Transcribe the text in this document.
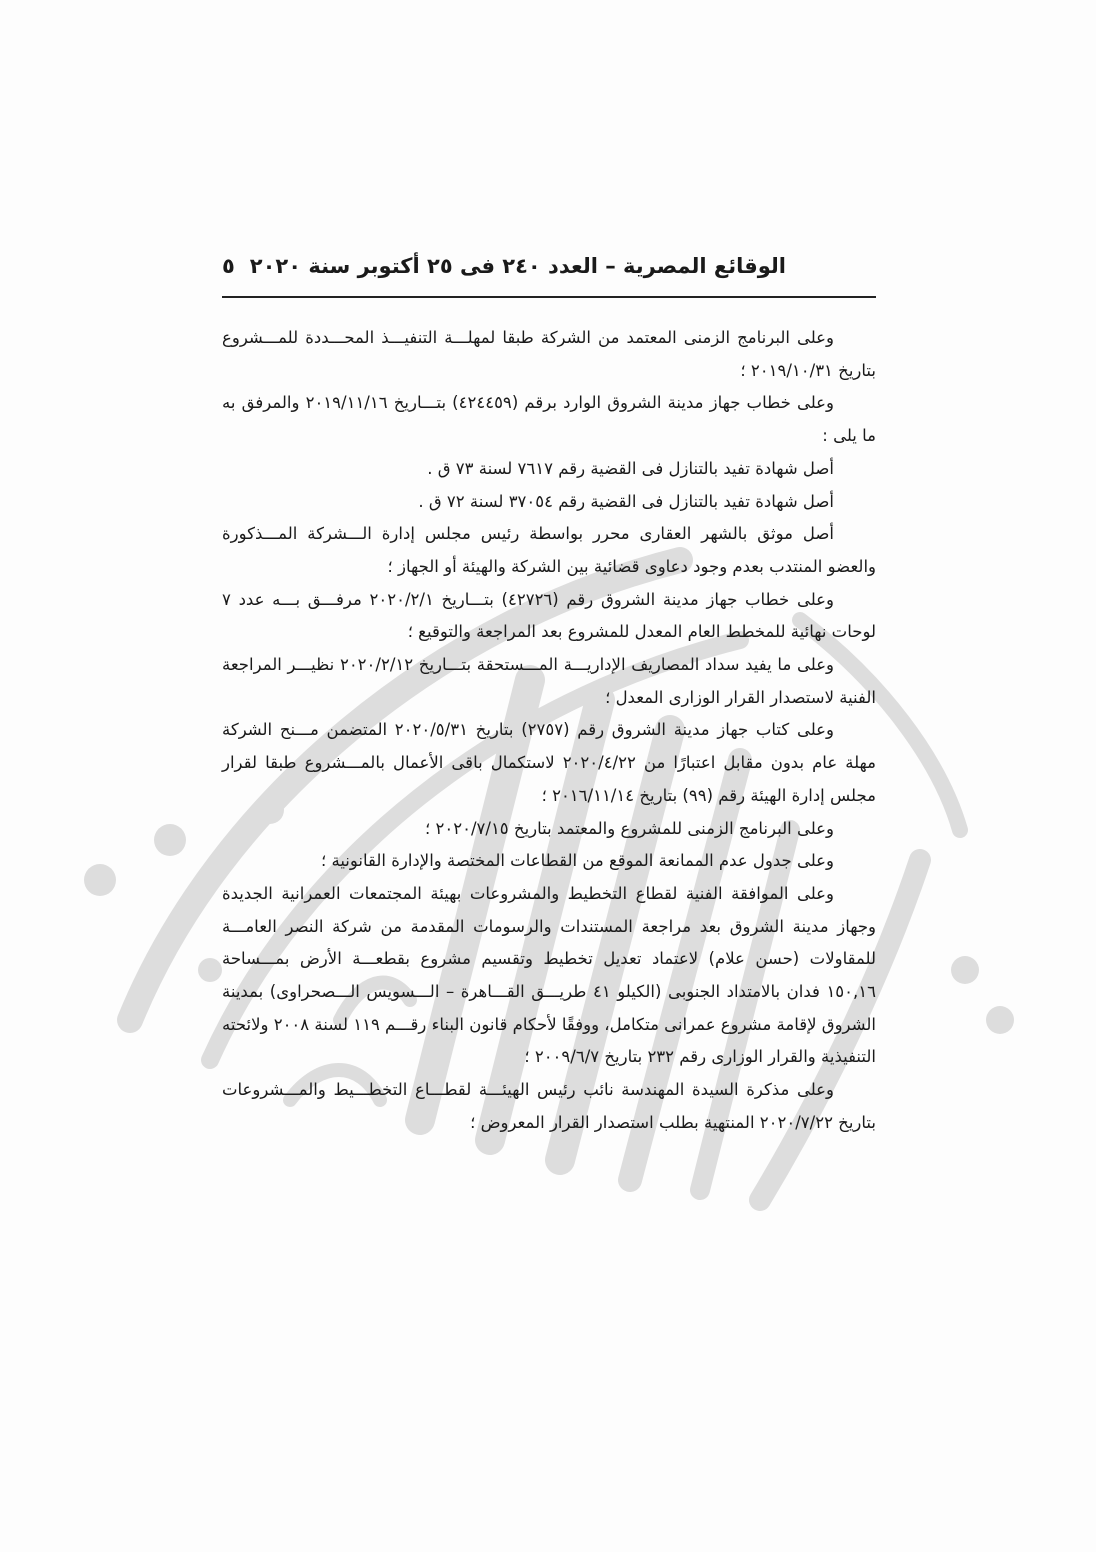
الوقائع المصرية – العدد ٢٤٠ فى ٢٥ أكتوبر سنة ٢٠٢٠
٥

وعلى البرنامج الزمنى المعتمد من الشركة طبقا لمهلـــة التنفيـــذ المحـــددة للمـــشروع بتاريخ ٢٠١٩/١٠/٣١ ؛

وعلى خطاب جهاز مدينة الشروق الوارد برقم (٤٢٤٤٥٩) بتـــاريخ ٢٠١٩/١١/١٦ والمرفق به ما يلى :

أصل شهادة تفيد بالتنازل فى القضية رقم ٧٦١٧ لسنة ٧٣ ق .

أصل شهادة تفيد بالتنازل فى القضية رقم ٣٧٠٥٤ لسنة ٧٢ ق .

أصل موثق بالشهر العقارى محرر بواسطة رئيس مجلس إدارة الـــشركة المـــذكورة والعضو المنتدب بعدم وجود دعاوى قضائية بين الشركة والهيئة أو الجهاز ؛

وعلى خطاب جهاز مدينة الشروق رقم (٤٢٧٢٦) بتـــاريخ ٢٠٢٠/٢/١ مرفـــق بـــه عدد ٧ لوحات نهائية للمخطط العام المعدل للمشروع بعد المراجعة والتوقيع ؛

وعلى ما يفيد سداد المصاريف الإداريـــة المـــستحقة بتـــاريخ ٢٠٢٠/٢/١٢ نظيـــر المراجعة الفنية لاستصدار القرار الوزارى المعدل ؛

وعلى كتاب جهاز مدينة الشروق رقم (٢٧٥٧) بتاريخ ٢٠٢٠/٥/٣١ المتضمن مـــنح الشركة مهلة عام بدون مقابل اعتبارًا من ٢٠٢٠/٤/٢٢ لاستكمال باقى الأعمال بالمـــشروع طبقا لقرار مجلس إدارة الهيئة رقم (٩٩) بتاريخ ٢٠١٦/١١/١٤ ؛

وعلى البرنامج الزمنى للمشروع والمعتمد بتاريخ ٢٠٢٠/٧/١٥ ؛

وعلى جدول عدم الممانعة الموقع من القطاعات المختصة والإدارة القانونية ؛

وعلى الموافقة الفنية لقطاع التخطيط والمشروعات بهيئة المجتمعات العمرانية الجديدة وجهاز مدينة الشروق بعد مراجعة المستندات والرسومات المقدمة من شركة النصر العامـــة للمقاولات (حسن علام) لاعتماد تعديل تخطيط وتقسيم مشروع بقطعـــة الأرض بمـــساحة ١٥٠,١٦ فدان بالامتداد الجنوبى (الكيلو ٤١ طريـــق القـــاهرة – الـــسويس الـــصحراوى) بمدينة الشروق لإقامة مشروع عمرانى متكامل، ووفقًا لأحكام قانون البناء رقـــم ١١٩ لسنة ٢٠٠٨ ولائحته التنفيذية والقرار الوزارى رقم ٢٣٢ بتاريخ ٢٠٠٩/٦/٧ ؛

وعلى مذكرة السيدة المهندسة نائب رئيس الهيئـــة لقطـــاع التخطـــيط والمـــشروعات بتاريخ ٢٠٢٠/٧/٢٢ المنتهية بطلب استصدار القرار المعروض ؛
